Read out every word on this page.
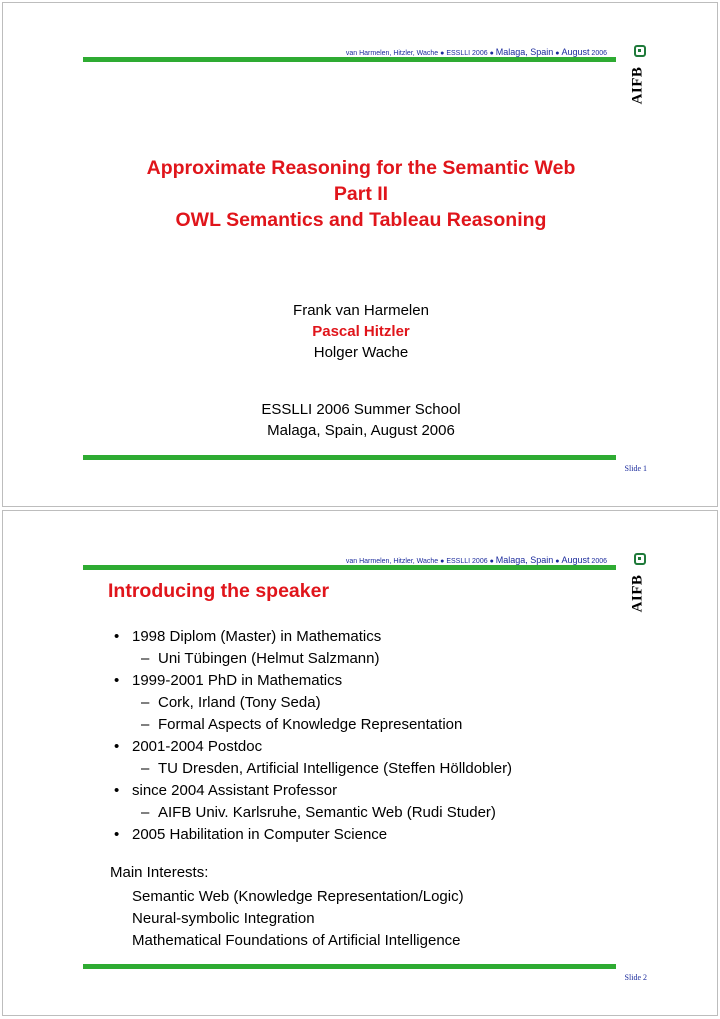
van Harmelen, Hitzler, Wache ● ESSLLI 2006 ● Malaga, Spain ● August 2006
AIFB
Approximate Reasoning for the Semantic Web
Part II
OWL Semantics and Tableau Reasoning
Frank van Harmelen
Pascal Hitzler
Holger Wache
ESSLLI 2006 Summer School
Malaga, Spain, August 2006
Slide 1
van Harmelen, Hitzler, Wache ● ESSLLI 2006 ● Malaga, Spain ● August 2006
AIFB
Slide 2
Introducing the speaker
• 1998 Diplom (Master) in Mathematics
– Uni Tübingen (Helmut Salzmann)
• 1999-2001 PhD in Mathematics
– Cork, Irland (Tony Seda)
– Formal Aspects of Knowledge Representation
• 2001-2004 Postdoc
– TU Dresden, Artificial Intelligence (Steffen Hölldobler)
• since 2004 Assistant Professor
– AIFB Univ. Karlsruhe, Semantic Web (Rudi Studer)
• 2005 Habilitation in Computer Science
Main Interests:
Semantic Web (Knowledge Representation/Logic)
Neural-symbolic Integration
Mathematical Foundations of Artificial Intelligence
